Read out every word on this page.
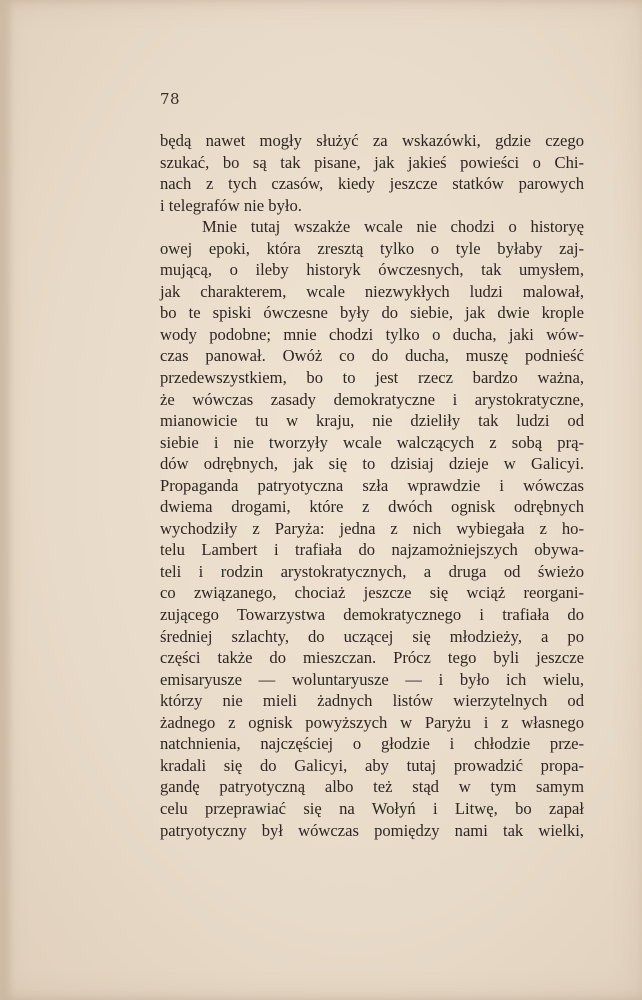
78
będą nawet mogły służyć za wskazówki, gdzie czego
szukać, bo są tak pisane, jak jakieś powieści o Chi-
nach z tych czasów, kiedy jeszcze statków parowych
i telegrafów nie było.
Mnie tutaj wszakże wcale nie chodzi o historyę
owej epoki, która zresztą tylko o tyle byłaby zaj-
mującą, o ileby historyk ówczesnych, tak umysłem,
jak charakterem, wcale niezwykłych ludzi malował,
bo te spiski ówczesne były do siebie, jak dwie krople
wody podobne; mnie chodzi tylko o ducha, jaki wów-
czas panował. Owóż co do ducha, muszę podnieść
przedewszystkiem, bo to jest rzecz bardzo ważna,
że wówczas zasady demokratyczne i arystokratyczne,
mianowicie tu w kraju, nie dzieliły tak ludzi od
siebie i nie tworzyły wcale walczących z sobą prą-
dów odrębnych, jak się to dzisiaj dzieje w Galicyi.
Propaganda patryotyczna szła wprawdzie i wówczas
dwiema drogami, które z dwóch ognisk odrębnych
wychodziły z Paryża: jedna z nich wybiegała z ho-
telu Lambert i trafiała do najzamożniejszych obywa-
teli i rodzin arystokratycznych, a druga od świeżo
co związanego, chociaż jeszcze się wciąż reorgani-
zującego Towarzystwa demokratycznego i trafiała do
średniej szlachty, do uczącej się młodzieży, a po
części także do mieszczan. Prócz tego byli jeszcze
emisaryusze — woluntaryusze — i było ich wielu,
którzy nie mieli żadnych listów wierzytelnych od
żadnego z ognisk powyższych w Paryżu i z własnego
natchnienia, najczęściej o głodzie i chłodzie prze-
kradali się do Galicyi, aby tutaj prowadzić propa-
gandę patryotyczną albo też stąd w tym samym
celu przeprawiać się na Wołyń i Litwę, bo zapał
patryotyczny był wówczas pomiędzy nami tak wielki,
